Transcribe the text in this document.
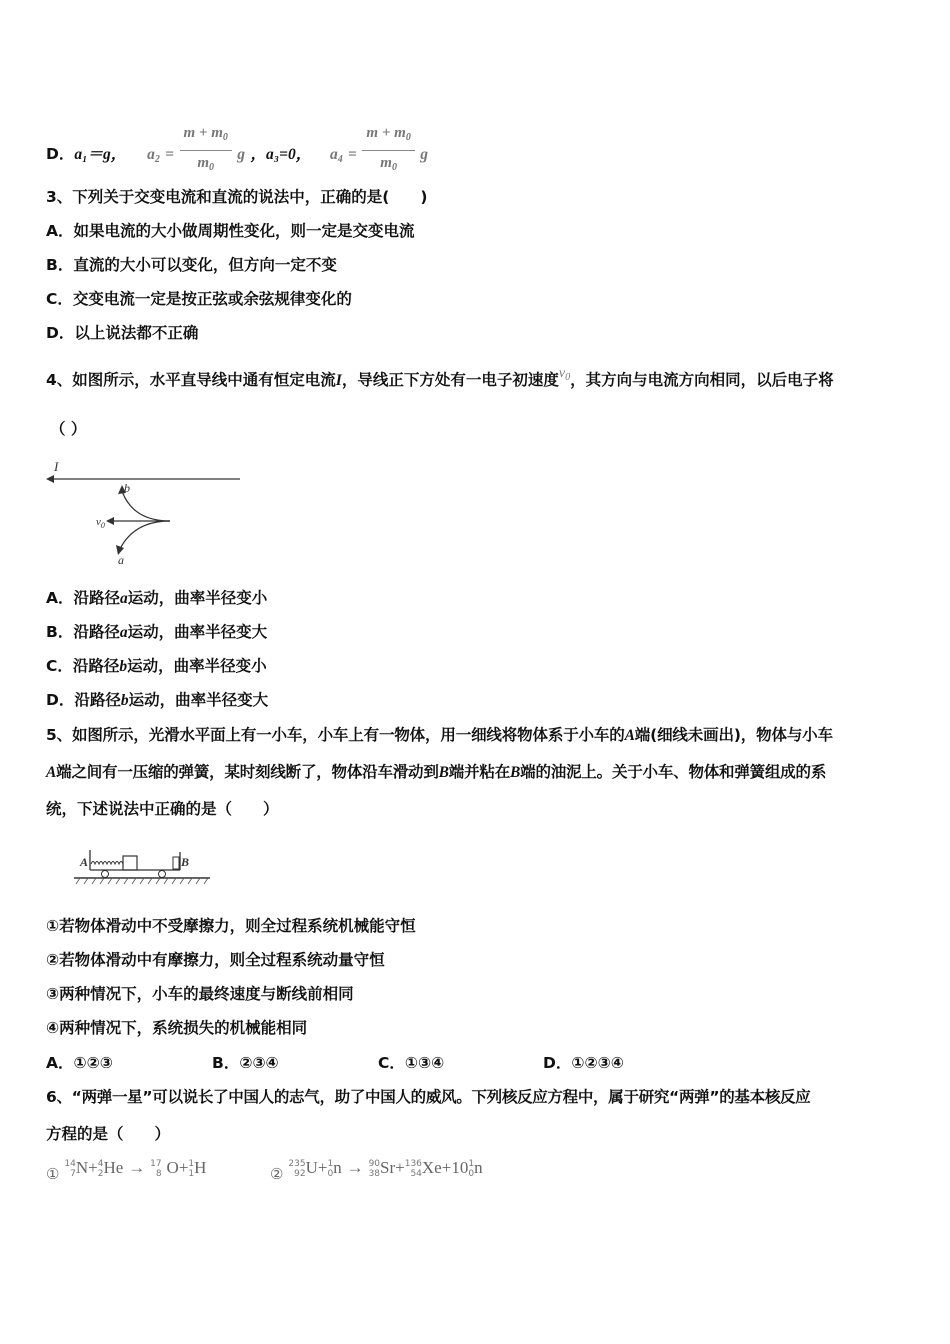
D．a₁＝g， $a_2 = \frac{m + m_0}{m_0}$ g ，a₃=0， $a_4 = \frac{m + m_0}{m_0}$ g
3、下列关于交变电流和直流的说法中，正确的是(　　)
A．如果电流的大小做周期性变化，则一定是交变电流
B．直流的大小可以变化，但方向一定不变
C．交变电流一定是按正弦或余弦规律变化的
D．以上说法都不正确
4、如图所示，水平直导线中通有恒定电流I，导线正下方处有一电子初速度$v_0$，其方向与电流方向相同，以后电子将
（ ）
I
b
a
$v_0$
A．沿路径a运动，曲率半径变小
B．沿路径a运动，曲率半径变大
C．沿路径b运动，曲率半径变小
D．沿路径b运动，曲率半径变大
5、如图所示，光滑水平面上有一小车，小车上有一物体，用一细线将物体系于小车的A端(细线未画出)，物体与小车
A端之间有一压缩的弹簧，某时刻线断了，物体沿车滑动到B端并粘在B端的油泥上。关于小车、物体和弹簧组成的系
统，下述说法中正确的是（　　）
A	B
①若物体滑动中不受摩擦力，则全过程系统机械能守恒
②若物体滑动中有摩擦力，则全过程系统动量守恒
③两种情况下，小车的最终速度与断线前相同
④两种情况下，系统损失的机械能相同
A．①②③	B．②③④	C．①③④	D．①②③④
6、“两弹一星”可以说长了中国人的志气，助了中国人的威风。下列核反应方程中，属于研究“两弹”的基本核反应
方程的是（　　）
①
14
7 N+ 4
2 He → 17
8 O+ 1
1 H	②
235
92 U+ 1
0 n → 90
38 Sr+ 136
54 Xe+10 1
0 n
